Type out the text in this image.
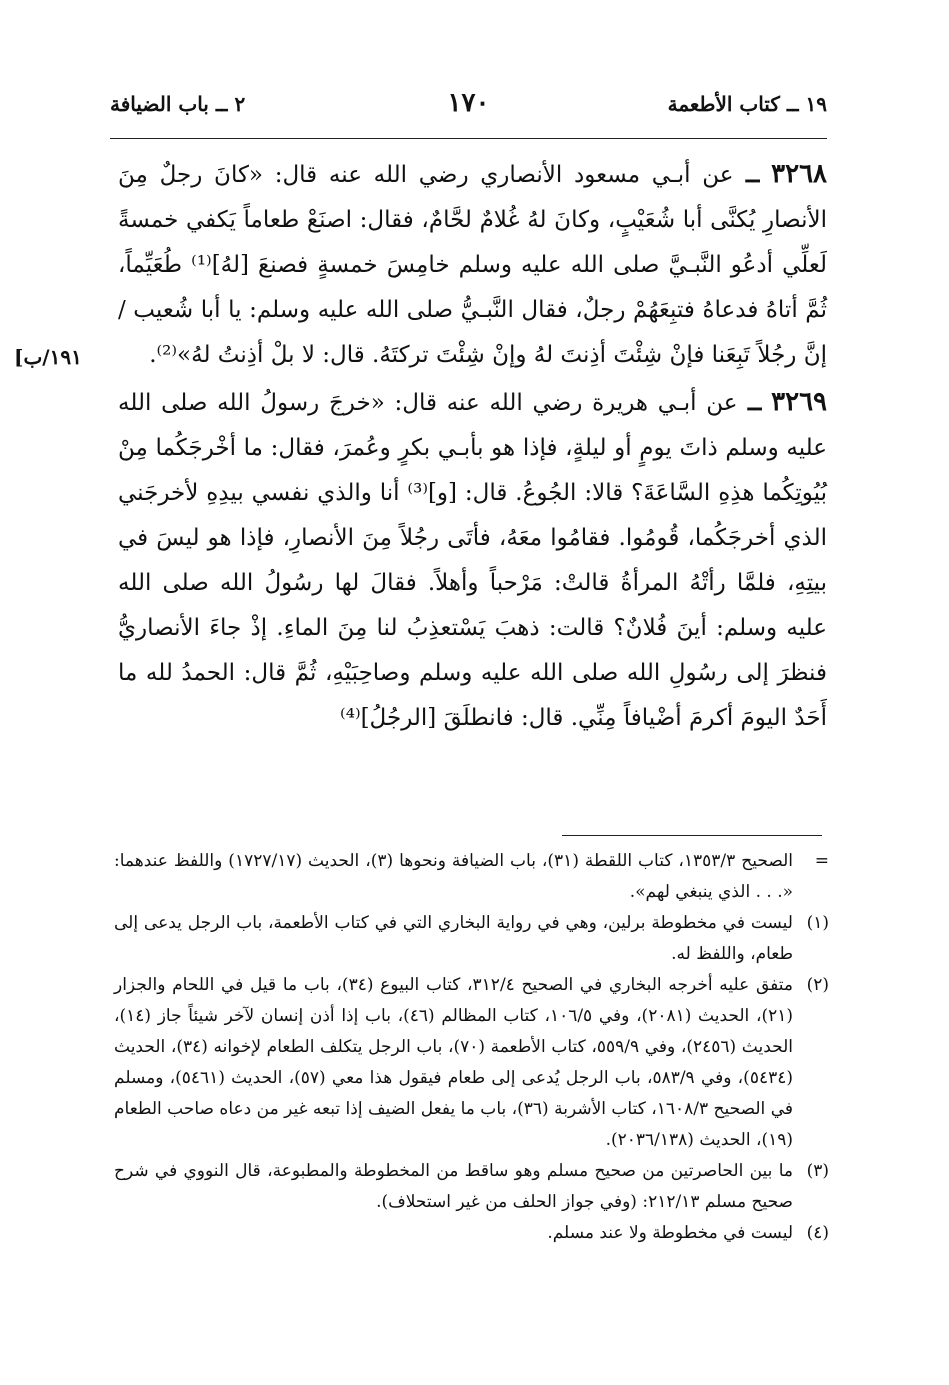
١٩ ــ كتاب الأطعمة
١٧٠
٢ ــ باب الضيافة
١٩١/ب]

٣٢٦٨ ــ عن أبـي مسعود الأنصاري رضي الله عنه قال: «كانَ رجلٌ مِنَ الأنصارِ يُكنَّى أبا شُعَيْبٍ، وكانَ لهُ غُلامٌ لحَّامٌ، فقال: اصنَعْ طعاماً يَكفي خمسةً لَعلِّي أدعُو النَّبـيَّ صلى الله عليه وسلم خامِسَ خمسةٍ فصنعَ [لهُ]⁽¹⁾ طُعَيِّماً، ثُمَّ أتاهُ فدعاهُ فتبِعَهُمْ رجلٌ، فقال النَّبـيُّ صلى الله عليه وسلم: يا أبا شُعيب / إنَّ رجُلاً تَبِعَنا فإنْ شِئْتَ أذِنتَ لهُ وإنْ شِئْتَ تركتَهُ. قال: لا بلْ أذِنتُ لهُ»⁽²⁾.

٣٢٦٩ ــ عن أبـي هريرة رضي الله عنه قال: «خرجَ رسولُ الله صلى الله عليه وسلم ذاتَ يومٍ أو ليلةٍ، فإذا هو بأبـي بكرٍ وعُمرَ، فقال: ما أخْرجَكُما مِنْ بُيُوتِكُما هذِهِ السَّاعَةَ؟ قالا: الجُوعُ. قال: [و]⁽³⁾ أنا والذي نفسي بيدِهِ لأخرجَني الذي أخرجَكُما، قُومُوا. فقامُوا معَهُ، فأتَى رجُلاً مِنَ الأنصارِ، فإذا هو ليسَ في بيتِهِ، فلمَّا رأتْهُ المرأةُ قالتْ: مَرْحباً وأهلاً. فقالَ لها رسُولُ الله صلى الله عليه وسلم: أينَ فُلانٌ؟ قالت: ذهبَ يَسْتعذِبُ لنا مِنَ الماءِ. إذْ جاءَ الأنصاريُّ فنظرَ إلى رسُولِ الله صلى الله عليه وسلم وصاحِبَيْهِ، ثُمَّ قال: الحمدُ لله ما أَحَدٌ اليومَ أكرمَ أضْيافاً مِنِّي. قال: فانطلَقَ [الرجُلُ]⁽⁴⁾

=
الصحيح ١٣٥٣/٣، كتاب اللقطة (٣١)، باب الضيافة ونحوها (٣)، الحديث (١٧٢٧/١٧) واللفظ عندهما: «. . . الذي ينبغي لهم».
(١)
ليست في مخطوطة برلين، وهي في رواية البخاري التي في كتاب الأطعمة، باب الرجل يدعى إلى طعام، واللفظ له.
(٢)
متفق عليه أخرجه البخاري في الصحيح ٣١٢/٤، كتاب البيوع (٣٤)، باب ما قيل في اللحام والجزار (٢١)، الحديث (٢٠٨١)، وفي ١٠٦/٥، كتاب المظالم (٤٦)، باب إذا أذن إنسان لآخر شيئاً جاز (١٤)، الحديث (٢٤٥٦)، وفي ٥٥٩/٩، كتاب الأطعمة (٧٠)، باب الرجل يتكلف الطعام لإخوانه (٣٤)، الحديث (٥٤٣٤)، وفي ٥٨٣/٩، باب الرجل يُدعى إلى طعام فيقول هذا معي (٥٧)، الحديث (٥٤٦١)، ومسلم في الصحيح ١٦٠٨/٣، كتاب الأشربة (٣٦)، باب ما يفعل الضيف إذا تبعه غير من دعاه صاحب الطعام (١٩)، الحديث (٢٠٣٦/١٣٨).
(٣)
ما بين الحاصرتين من صحيح مسلم وهو ساقط من المخطوطة والمطبوعة، قال النووي في شرح صحيح مسلم ٢١٢/١٣: (وفي جواز الحلف من غير استحلاف).
(٤)
ليست في مخطوطة ولا عند مسلم.
